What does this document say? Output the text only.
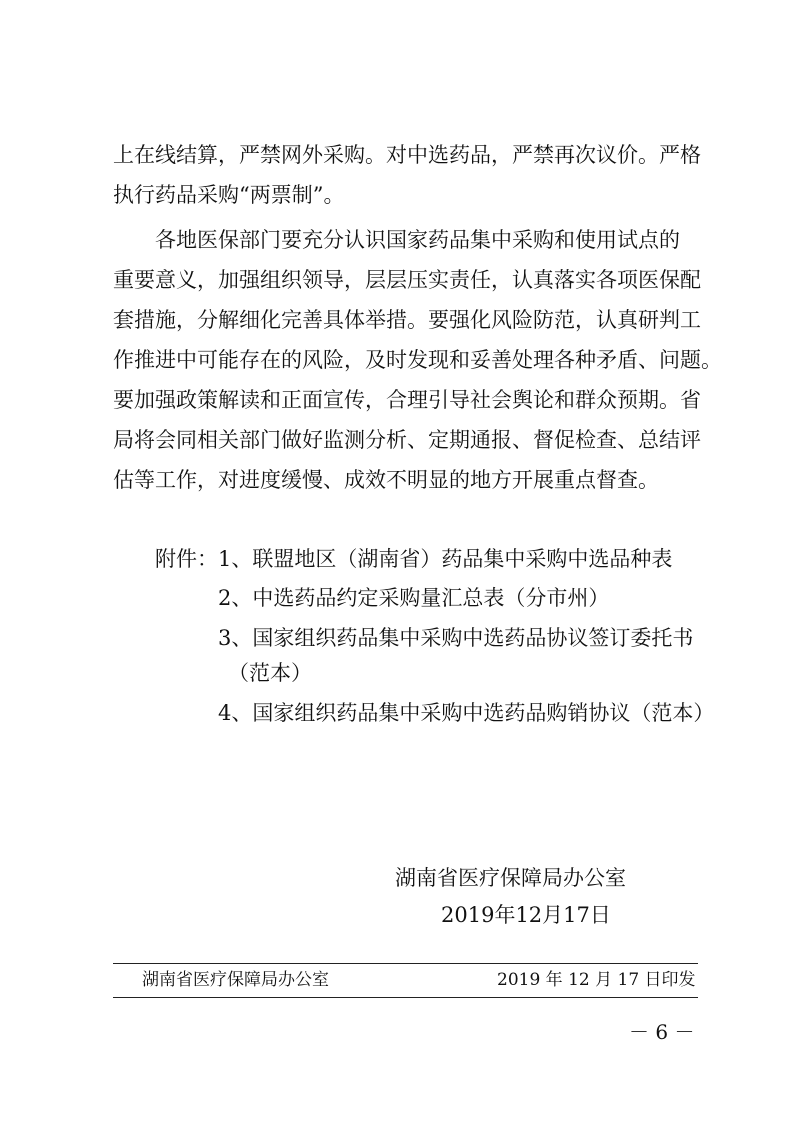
上在线结算，严禁网外采购。对中选药品，严禁再次议价。严格
执行药品采购“两票制”。
各地医保部门要充分认识国家药品集中采购和使用试点的
重要意义，加强组织领导，层层压实责任，认真落实各项医保配
套措施，分解细化完善具体举措。要强化风险防范，认真研判工
作推进中可能存在的风险，及时发现和妥善处理各种矛盾、问题。
要加强政策解读和正面宣传，合理引导社会舆论和群众预期。省
局将会同相关部门做好监测分析、定期通报、督促检查、总结评
估等工作，对进度缓慢、成效不明显的地方开展重点督查。
附件： 1、联盟地区（湖南省）药品集中采购中选品种表
2、中选药品约定采购量汇总表（分市州）
3、国家组织药品集中采购中选药品协议签订委托书
（范本）
4、国家组织药品集中采购中选药品购销协议（范本）
湖南省医疗保障局办公室
2019年12月17日
湖南省医疗保障局办公室	2019 年 12 月 17 日印发
－ 6 －
